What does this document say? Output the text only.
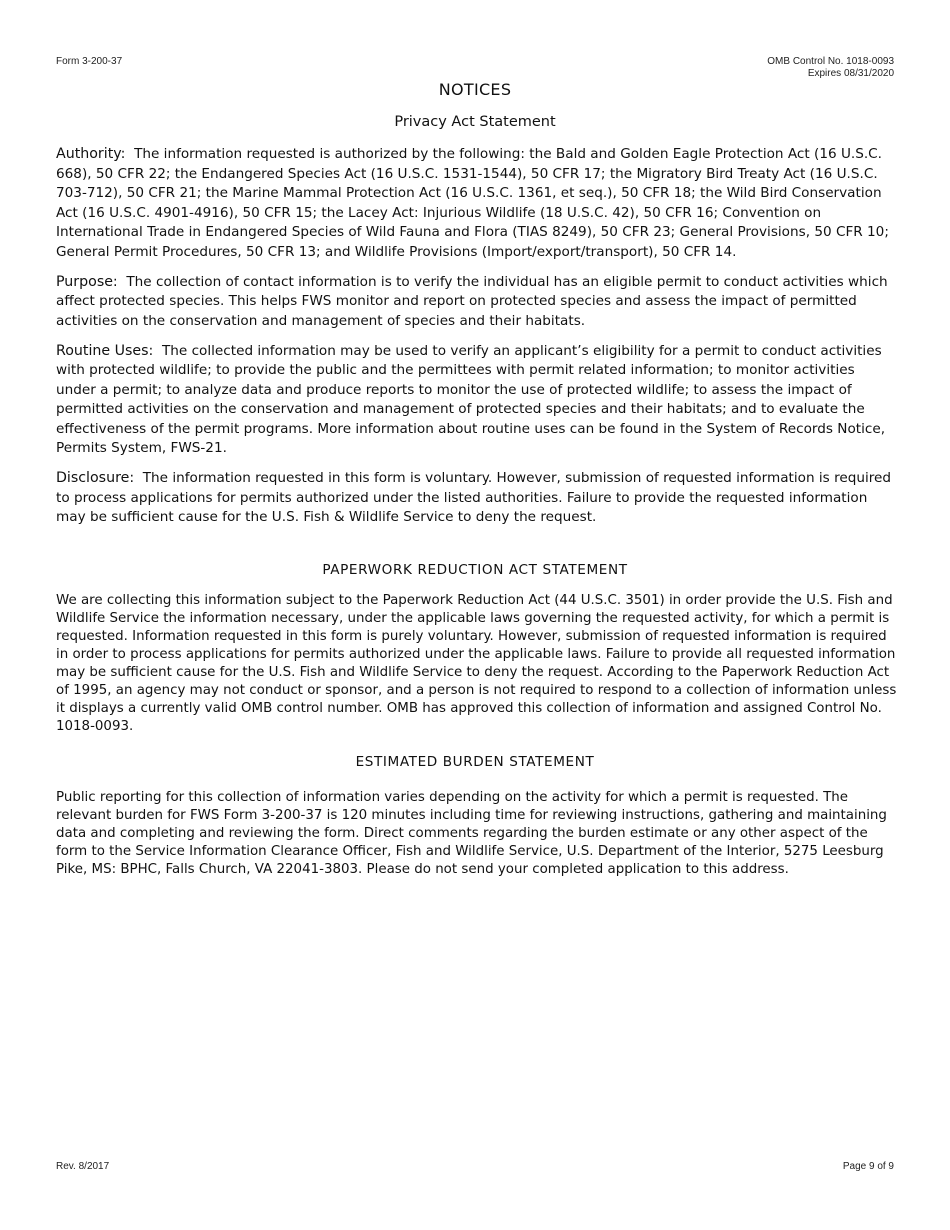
Form 3-200-37	OMB Control No. 1018-0093
Expires 08/31/2020
NOTICES
Privacy Act Statement

Authority: The information requested is authorized by the following: the Bald and Golden Eagle Protection Act (16 U.S.C. 668), 50 CFR 22; the Endangered Species Act (16 U.S.C. 1531-1544), 50 CFR 17; the Migratory Bird Treaty Act (16 U.S.C. 703-712), 50 CFR 21; the Marine Mammal Protection Act (16 U.S.C. 1361, et seq.), 50 CFR 18; the Wild Bird Conservation Act (16 U.S.C. 4901-4916), 50 CFR 15; the Lacey Act: Injurious Wildlife (18 U.S.C. 42), 50 CFR 16; Convention on International Trade in Endangered Species of Wild Fauna and Flora (TIAS 8249), 50 CFR 23; General Provisions, 50 CFR 10; General Permit Procedures, 50 CFR 13; and Wildlife Provisions (Import/export/transport), 50 CFR 14.

Purpose: The collection of contact information is to verify the individual has an eligible permit to conduct activities which affect protected species. This helps FWS monitor and report on protected species and assess the impact of permitted activities on the conservation and management of species and their habitats.

Routine Uses: The collected information may be used to verify an applicant’s eligibility for a permit to conduct activities with protected wildlife; to provide the public and the permittees with permit related information; to monitor activities under a permit; to analyze data and produce reports to monitor the use of protected wildlife; to assess the impact of permitted activities on the conservation and management of protected species and their habitats; and to evaluate the effectiveness of the permit programs. More information about routine uses can be found in the System of Records Notice, Permits System, FWS-21.

Disclosure: The information requested in this form is voluntary. However, submission of requested information is required to process applications for permits authorized under the listed authorities. Failure to provide the requested information may be sufficient cause for the U.S. Fish & Wildlife Service to deny the request.

PAPERWORK REDUCTION ACT STATEMENT

We are collecting this information subject to the Paperwork Reduction Act (44 U.S.C. 3501) in order provide the U.S. Fish and Wildlife Service the information necessary, under the applicable laws governing the requested activity, for which a permit is requested. Information requested in this form is purely voluntary. However, submission of requested information is required in order to process applications for permits authorized under the applicable laws. Failure to provide all requested information may be sufficient cause for the U.S. Fish and Wildlife Service to deny the request. According to the Paperwork Reduction Act of 1995, an agency may not conduct or sponsor, and a person is not required to respond to a collection of information unless it displays a currently valid OMB control number. OMB has approved this collection of information and assigned Control No. 1018-0093.

ESTIMATED BURDEN STATEMENT

Public reporting for this collection of information varies depending on the activity for which a permit is requested. The relevant burden for FWS Form 3-200-37 is 120 minutes including time for reviewing instructions, gathering and maintaining data and completing and reviewing the form. Direct comments regarding the burden estimate or any other aspect of the form to the Service Information Clearance Officer, Fish and Wildlife Service, U.S. Department of the Interior, 5275 Leesburg Pike, MS: BPHC, Falls Church, VA 22041-3803. Please do not send your completed application to this address.

Rev. 8/2017	Page 9 of 9
